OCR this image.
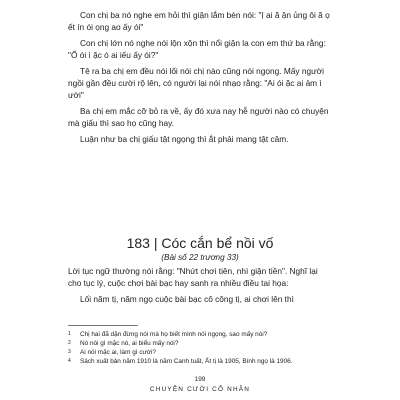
Con chị ba nó nghe em hỏi thì giận lắm bèn nói: "Ị ai ă ận ủng ôi ă ọ ết ín ói ọng ao ấy ói"

Con chị lớn nó nghe nói lộn xộn thì nổi giận la con em thứ ba rằng: "Ố ói ì ặc ó ai iếu ấy ói?"

Tê ra ba chị em đều nói lối nói chị nào cũng nói ngọng. Mấy người ngồi gần đều cười rộ lên, có người lại nói nhạo rằng: "Ai ói ặc ai ảm ì ưới"

Ba chị em mắc cỡ bỏ ra về, ấy đó xưa nay hễ người nào có chuyện mà giấu thì sao họ cũng hay.

Luận như ba chị giấu tật ngọng thì ắt phải mang tật câm.

183 | Cóc cắn bể nồi vố

(Bài số 22 trương 33)

Lời tục ngữ thường nói rằng: "Nhứt chơi tiên, nhì giận tiền". Nghĩ lại cho tục lý, cuộc chơi bài bạc hay sanh ra nhiều điều tai họa:

Lối năm tị, năm ngọ cuộc bài bạc cô công tị, ai chơi lên thì

1	Chị hai đã dặn đừng nói mà họ biết mình nói ngọng, sao mấy nói?

2	Nó nói gì mặc nó, ai biểu mấy nói?

3	Ai nói mặc ai, làm gì cười?

4	Sách xuất bản năm 1910 là năm Canh tuất, Ất tị là 1905, Bính ngọ là 1906.

199

CHUYỆN CƯỜI CỔ NHÂN
